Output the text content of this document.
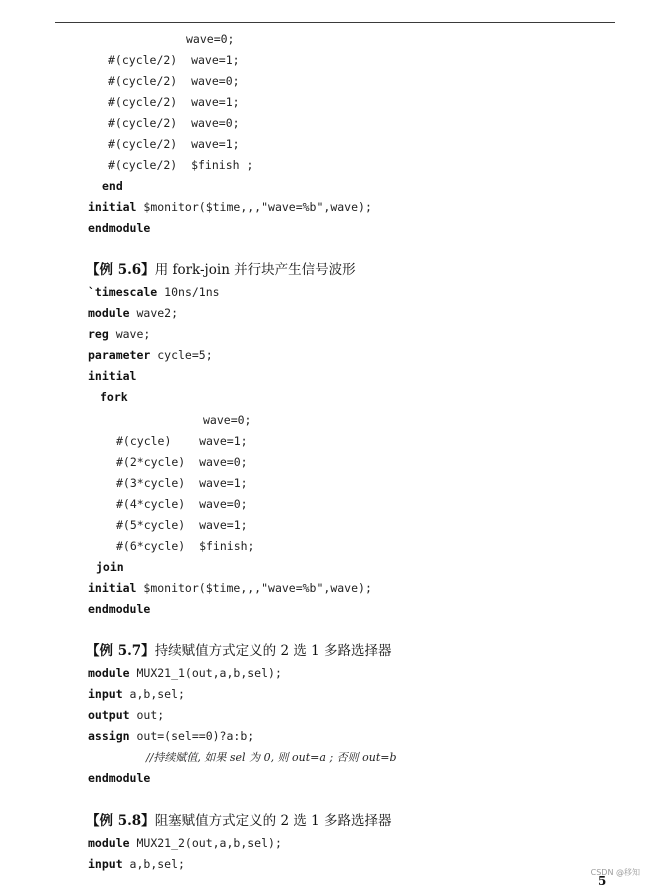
wave=0;
#(cycle/2)  wave=1;
#(cycle/2)  wave=0;
#(cycle/2)  wave=1;
#(cycle/2)  wave=0;
#(cycle/2)  wave=1;
#(cycle/2)  $finish ;
end
initial $monitor($time,,,"wave=%b",wave);
endmodule
【例 5.6】用 fork-join 并行块产生信号波形
`timescale 10ns/1ns
module wave2;
reg wave;
parameter cycle=5;
initial
fork
wave=0;
#(cycle)    wave=1;
#(2*cycle)  wave=0;
#(3*cycle)  wave=1;
#(4*cycle)  wave=0;
#(5*cycle)  wave=1;
#(6*cycle)  $finish;
join
initial $monitor($time,,,"wave=%b",wave);
endmodule
【例 5.7】持续赋值方式定义的 2 选 1 多路选择器
module MUX21_1(out,a,b,sel);
input a,b,sel;
output out;
assign out=(sel==0)?a:b;
//持续赋值, 如果 sel 为 0, 则 out=a ; 否则 out=b
endmodule
【例 5.8】阻塞赋值方式定义的 2 选 1 多路选择器
module MUX21_2(out,a,b,sel);
input a,b,sel;
CSDN @移知
5
